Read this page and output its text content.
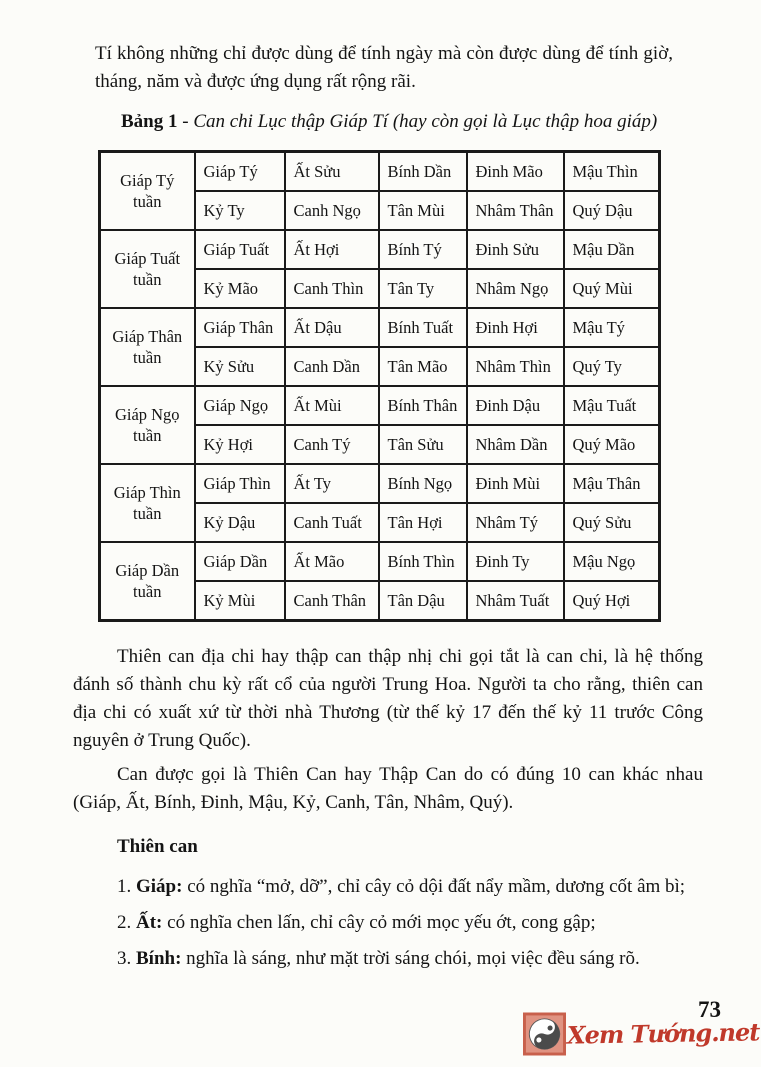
Tí không những chỉ được dùng để tính ngày mà còn được dùng để tính giờ, tháng, năm và được ứng dụng rất rộng rãi.

Bảng 1 - Can chi Lục thập Giáp Tí (hay còn gọi là Lục thập hoa giáp)

Giáp Tý tuần	Giáp Tý	Ất Sửu	Bính Dần	Đinh Mão	Mậu Thìn
	Kỷ Ty	Canh Ngọ	Tân Mùi	Nhâm Thân	Quý Dậu
Giáp Tuất tuần	Giáp Tuất	Ất Hợi	Bính Tý	Đinh Sửu	Mậu Dần
	Kỷ Mão	Canh Thìn	Tân Ty	Nhâm Ngọ	Quý Mùi
Giáp Thân tuần	Giáp Thân	Ất Dậu	Bính Tuất	Đinh Hợi	Mậu Tý
	Kỷ Sửu	Canh Dần	Tân Mão	Nhâm Thìn	Quý Ty
Giáp Ngọ tuần	Giáp Ngọ	Ất Mùi	Bính Thân	Đinh Dậu	Mậu Tuất
	Kỷ Hợi	Canh Tý	Tân Sửu	Nhâm Dần	Quý Mão
Giáp Thìn tuần	Giáp Thìn	Ất Ty	Bính Ngọ	Đinh Mùi	Mậu Thân
	Kỷ Dậu	Canh Tuất	Tân Hợi	Nhâm Tý	Quý Sửu
Giáp Dần tuần	Giáp Dần	Ất Mão	Bính Thìn	Đinh Ty	Mậu Ngọ
	Kỷ Mùi	Canh Thân	Tân Dậu	Nhâm Tuất	Quý Hợi

Thiên can địa chi hay thập can thập nhị chi gọi tắt là can chi, là hệ thống đánh số thành chu kỳ rất cổ của người Trung Hoa. Người ta cho rằng, thiên can địa chi có xuất xứ từ thời nhà Thương (từ thế kỷ 17 đến thế kỷ 11 trước Công nguyên ở Trung Quốc).

Can được gọi là Thiên Can hay Thập Can do có đúng 10 can khác nhau (Giáp, Ất, Bính, Đinh, Mậu, Kỷ, Canh, Tân, Nhâm, Quý).

Thiên can

1. Giáp: có nghĩa “mở, dỡ”, chỉ cây cỏ dội đất nẩy mầm, dương cốt âm bì;

2. Ất: có nghĩa chen lấn, chỉ cây cỏ mới mọc yếu ớt, cong gập;

3. Bính: nghĩa là sáng, như mặt trời sáng chói, mọi việc đều sáng rõ.

73
Xem Tướng.net
